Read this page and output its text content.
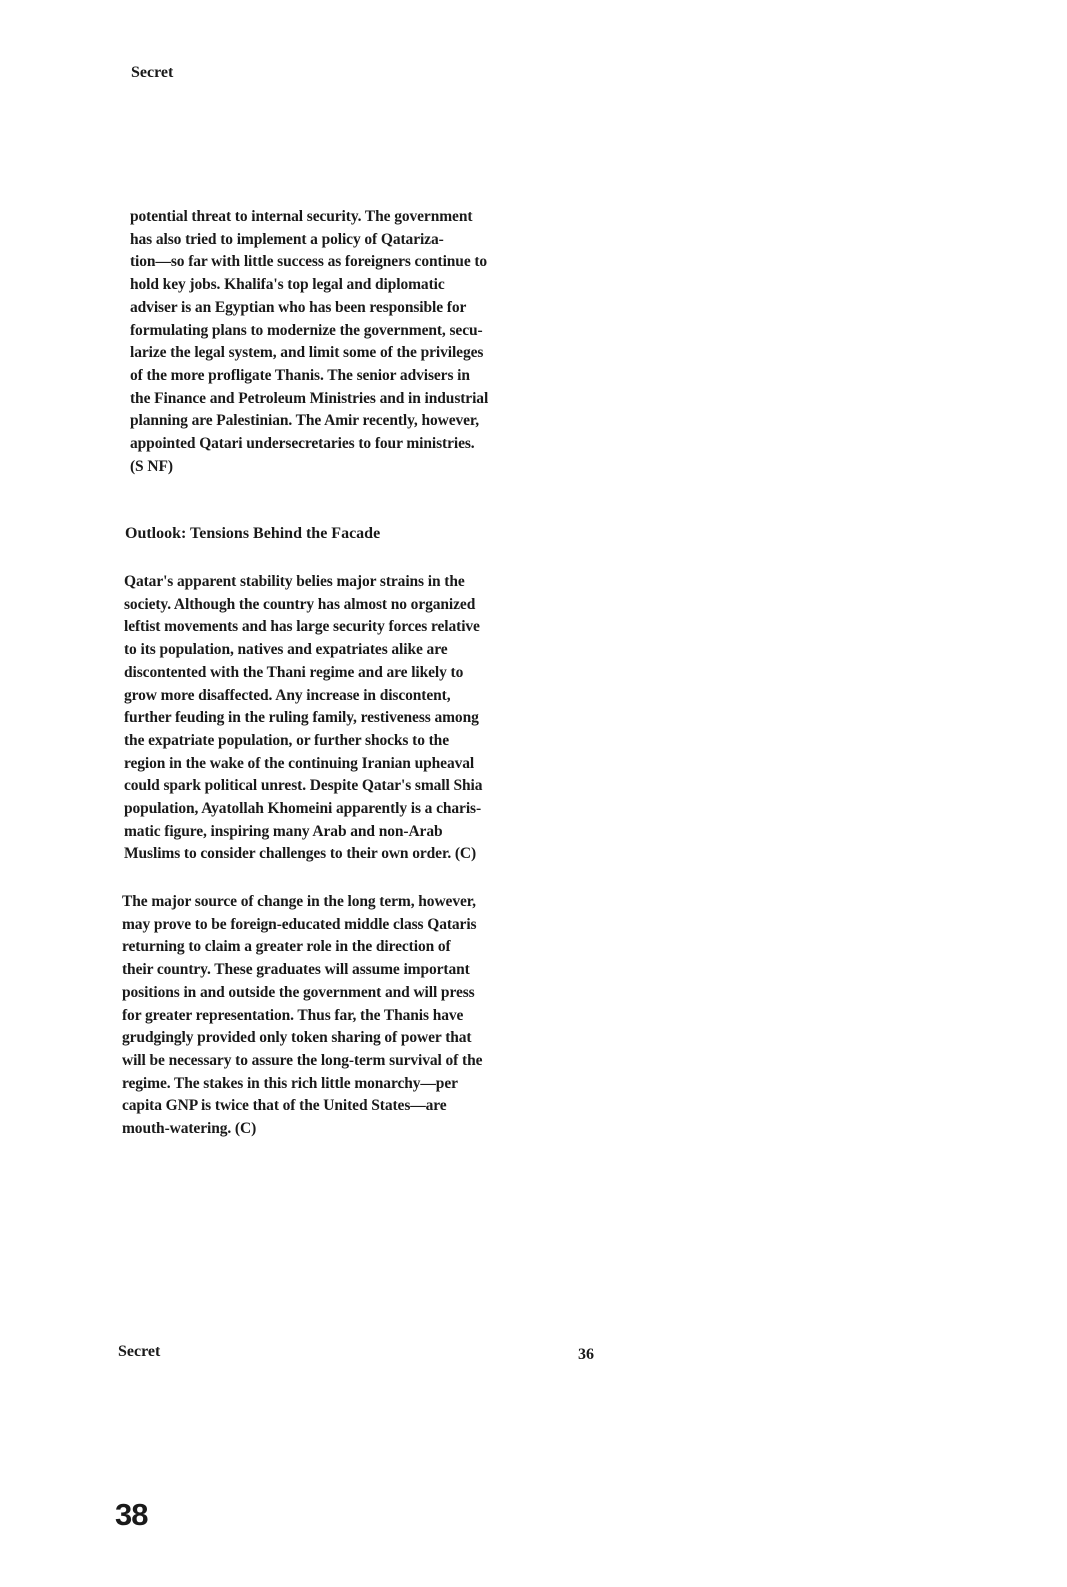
Secret
potential threat to internal security. The government
has also tried to implement a policy of Qatariza-
tion—so far with little success as foreigners continue to
hold key jobs. Khalifa's top legal and diplomatic
adviser is an Egyptian who has been responsible for
formulating plans to modernize the government, secu-
larize the legal system, and limit some of the privileges
of the more profligate Thanis. The senior advisers in
the Finance and Petroleum Ministries and in industrial
planning are Palestinian. The Amir recently, however,
appointed Qatari undersecretaries to four ministries.
(S NF)
Outlook: Tensions Behind the Facade
Qatar's apparent stability belies major strains in the
society. Although the country has almost no organized
leftist movements and has large security forces relative
to its population, natives and expatriates alike are
discontented with the Thani regime and are likely to
grow more disaffected. Any increase in discontent,
further feuding in the ruling family, restiveness among
the expatriate population, or further shocks to the
region in the wake of the continuing Iranian upheaval
could spark political unrest. Despite Qatar's small Shia
population, Ayatollah Khomeini apparently is a charis-
matic figure, inspiring many Arab and non-Arab
Muslims to consider challenges to their own order. (C)
The major source of change in the long term, however,
may prove to be foreign-educated middle class Qataris
returning to claim a greater role in the direction of
their country. These graduates will assume important
positions in and outside the government and will press
for greater representation. Thus far, the Thanis have
grudgingly provided only token sharing of power that
will be necessary to assure the long-term survival of the
regime. The stakes in this rich little monarchy—per
capita GNP is twice that of the United States—are
mouth-watering. (C)
Secret	36
38
